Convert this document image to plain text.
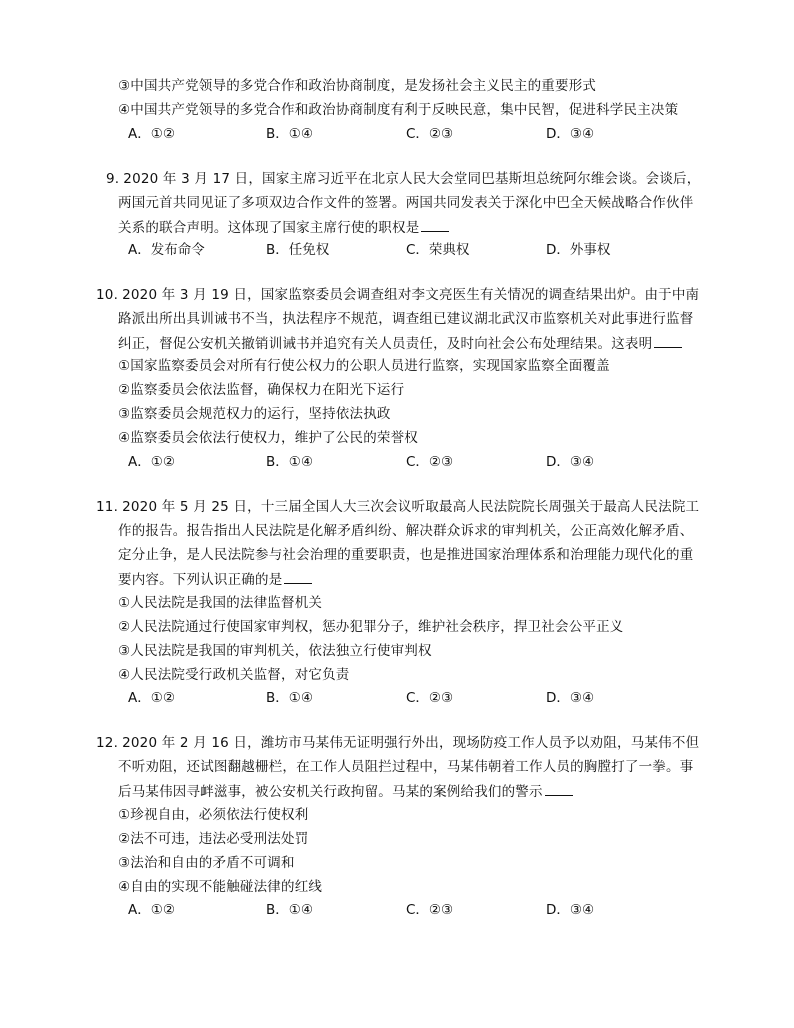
③中国共产党领导的多党合作和政治协商制度，是发扬社会主义民主的重要形式
④中国共产党领导的多党合作和政治协商制度有利于反映民意，集中民智，促进科学民主决策
A．①②	B．①④	C．②③	D．③④
9. 2020 年 3 月 17 日，国家主席习近平在北京人民大会堂同巴基斯坦总统阿尔维会谈。会谈后，
两国元首共同见证了多项双边合作文件的签署。两国共同发表关于深化中巴全天候战略合作伙伴
关系的联合声明。这体现了国家主席行使的职权是
A．发布命令	B．任免权	C．荣典权	D．外事权
10. 2020 年 3 月 19 日，国家监察委员会调查组对李文亮医生有关情况的调查结果出炉。由于中南
路派出所出具训诫书不当，执法程序不规范，调查组已建议湖北武汉市监察机关对此事进行监督
纠正，督促公安机关撤销训诫书并追究有关人员责任，及时向社会公布处理结果。这表明
①国家监察委员会对所有行使公权力的公职人员进行监察，实现国家监察全面覆盖
②监察委员会依法监督，确保权力在阳光下运行
③监察委员会规范权力的运行，坚持依法执政
④监察委员会依法行使权力，维护了公民的荣誉权
A．①②	B．①④	C．②③	D．③④
11. 2020 年 5 月 25 日，十三届全国人大三次会议听取最高人民法院院长周强关于最高人民法院工
作的报告。报告指出人民法院是化解矛盾纠纷、解决群众诉求的审判机关，公正高效化解矛盾、
定分止争，是人民法院参与社会治理的重要职责，也是推进国家治理体系和治理能力现代化的重
要内容。下列认识正确的是
①人民法院是我国的法律监督机关
②人民法院通过行使国家审判权，惩办犯罪分子，维护社会秩序，捍卫社会公平正义
③人民法院是我国的审判机关，依法独立行使审判权
④人民法院受行政机关监督，对它负责
A．①②	B．①④	C．②③	D．③④
12. 2020 年 2 月 16 日，潍坊市马某伟无证明强行外出，现场防疫工作人员予以劝阻，马某伟不但
不听劝阻，还试图翻越栅栏，在工作人员阻拦过程中，马某伟朝着工作人员的胸膛打了一拳。事
后马某伟因寻衅滋事，被公安机关行政拘留。马某的案例给我们的警示
①珍视自由，必须依法行使权利
②法不可违，违法必受刑法处罚
③法治和自由的矛盾不可调和
④自由的实现不能触碰法律的红线
A．①②	B．①④	C．②③	D．③④
